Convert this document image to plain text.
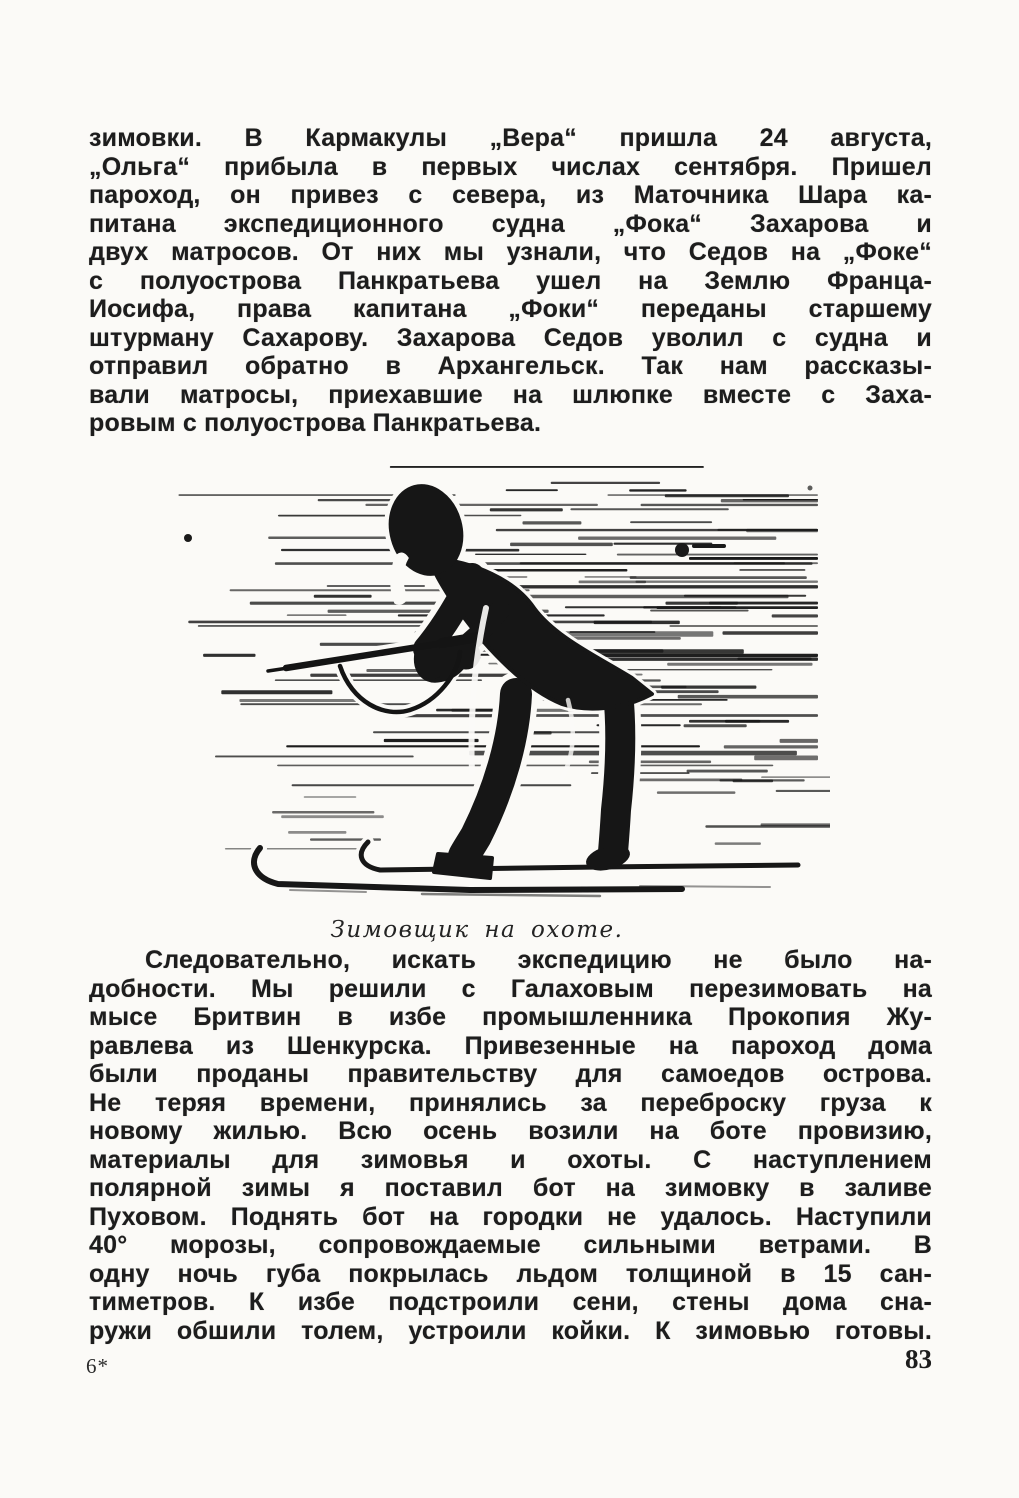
зимовки. В Кармакулы „Вера“ пришла 24 августа,
„Ольга“ прибыла в первых числах сентября. Пришел
пароход, он привез с севера, из Маточника Шара ка-
питана экспедиционного судна „Фока“ Захарова и
двух матросов. От них мы узнали, что Седов на „Фоке“
с полуострова Панкратьева ушел на Землю Франца-
Иосифа, права капитана „Фоки“ переданы старшему
штурману Сахарову. Захарова Седов уволил с судна и
отправил обратно в Архангельск. Так нам рассказы-
вали матросы, приехавшие на шлюпке вместе с Заха-
ровым с полуострова Панкратьева.
Зимовщик на охоте.
Следовательно, искать экспедицию не было на-
добности. Мы решили с Галаховым перезимовать на
мысе Бритвин в избе промышленника Прокопия Жу-
равлева из Шенкурска. Привезенные на пароход дома
были проданы правительству для самоедов острова.
Не теряя времени, принялись за переброску груза к
новому жилью. Всю осень возили на боте провизию,
материалы для зимовья и охоты. С наступлением
полярной зимы я поставил бот на зимовку в заливе
Пуховом. Поднять бот на городки не удалось. Наступили
40° морозы, сопровождаемые сильными ветрами. В
одну ночь губа покрылась льдом толщиной в 15 сан-
тиметров. К избе подстроили сени, стены дома сна-
ружи обшили толем, устроили койки. К зимовью готовы.
6*	83
